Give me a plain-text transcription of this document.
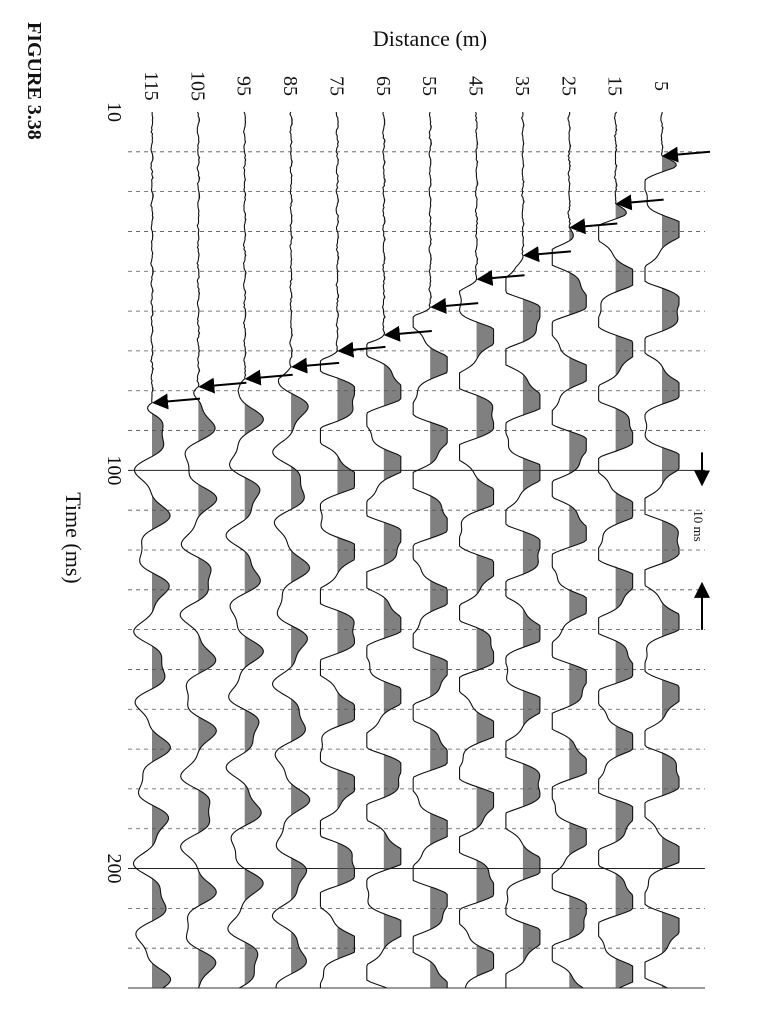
FIGURE 3.38	Distance (m)
Time (ms)	10 ms
10
100
200
5
15
25
35
45
55
65
75
85
95
105
115
